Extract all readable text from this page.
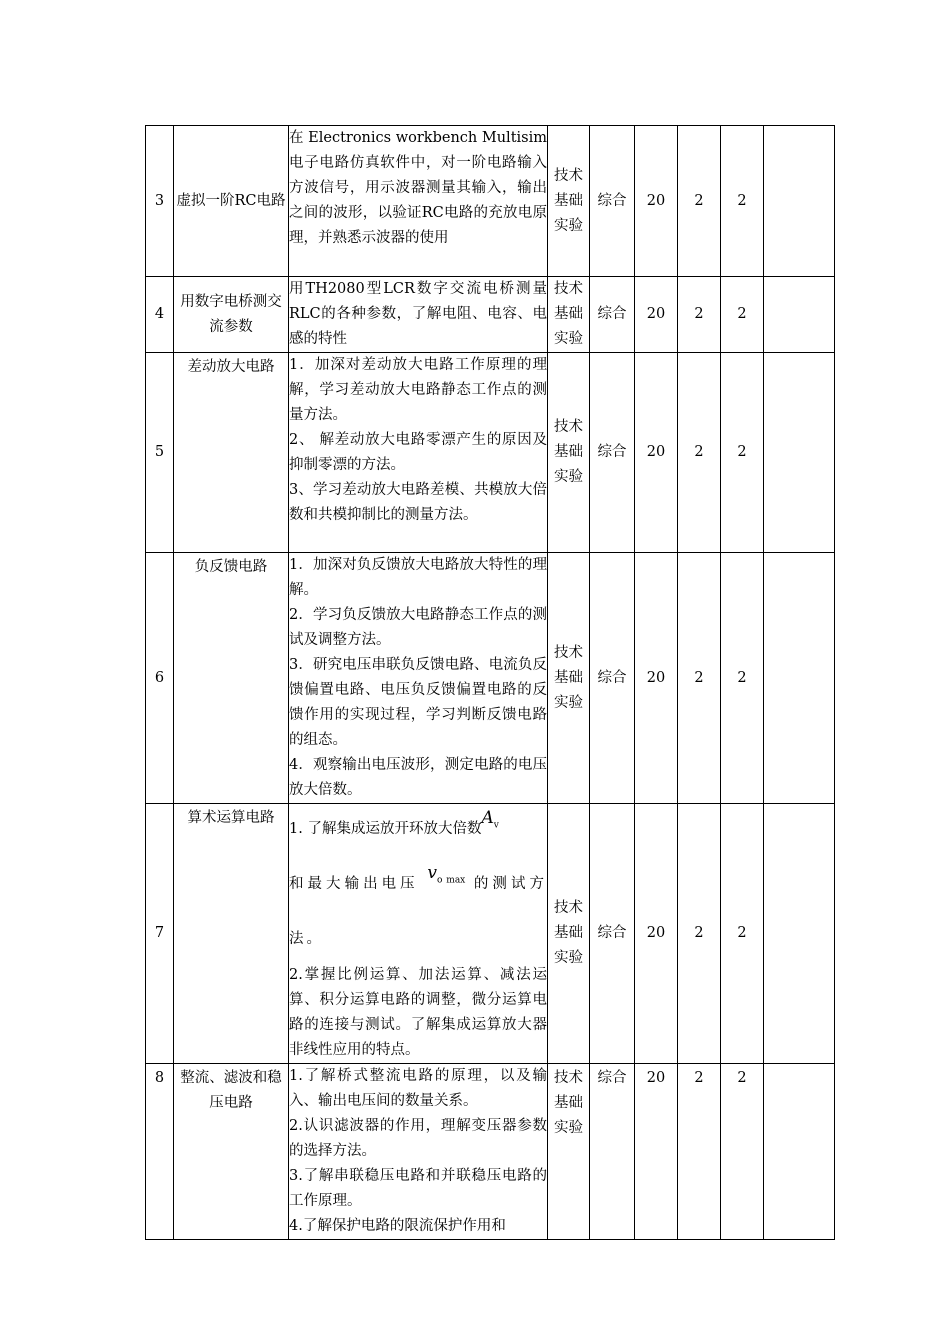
3	虚拟一阶RC电路	在 Electronics workbench Multisim 电子电路仿真软件中，对一阶电路输入方波信号，用示波器测量其输入，输出之间的波形，以验证RC电路的充放电原理，并熟悉示波器的使用	技术基础实验	综合	20	2	2	
4	用数字电桥测交流参数	用TH2080型LCR数字交流电桥测量RLC的各种参数，了解电阻、电容、电感的特性	技术基础实验	综合	20	2	2	
5	差动放大电路	1．加深对差动放大电路工作原理的理解，学习差动放大电路静态工作点的测量方法。
2、 解差动放大电路零漂产生的原因及抑制零漂的方法。
3、学习差动放大电路差模、共模放大倍数和共模抑制比的测量方法。	技术基础实验	综合	20	2	2	
6	负反馈电路	1．加深对负反馈放大电路放大特性的理解。
2．学习负反馈放大电路静态工作点的测试及调整方法。
3．研究电压串联负反馈电路、电流负反馈偏置电路、电压负反馈偏置电路的反馈作用的实现过程，学习判断反馈电路的组态。
4．观察输出电压波形，测定电路的电压放大倍数。	技术基础实验	综合	20	2	2	
7	算术运算电路	1. 了解集成运放开环放大倍数$A_v$
和最大输出电压 $v_{o max}$ 的测试方法。
2.掌握比例运算、加法运算、减法运算、积分运算电路的调整，微分运算电路的连接与测试。了解集成运算放大器非线性应用的特点。	技术基础实验	综合	20	2	2	
8	整流、滤波和稳压电路	1.了解桥式整流电路的原理，以及输入、输出电压间的数量关系。
2.认识滤波器的作用，理解变压器参数的选择方法。
3.了解串联稳压电路和并联稳压电路的工作原理。
4.了解保护电路的限流保护作用和	技术基础实验	综合	20	2	2	
